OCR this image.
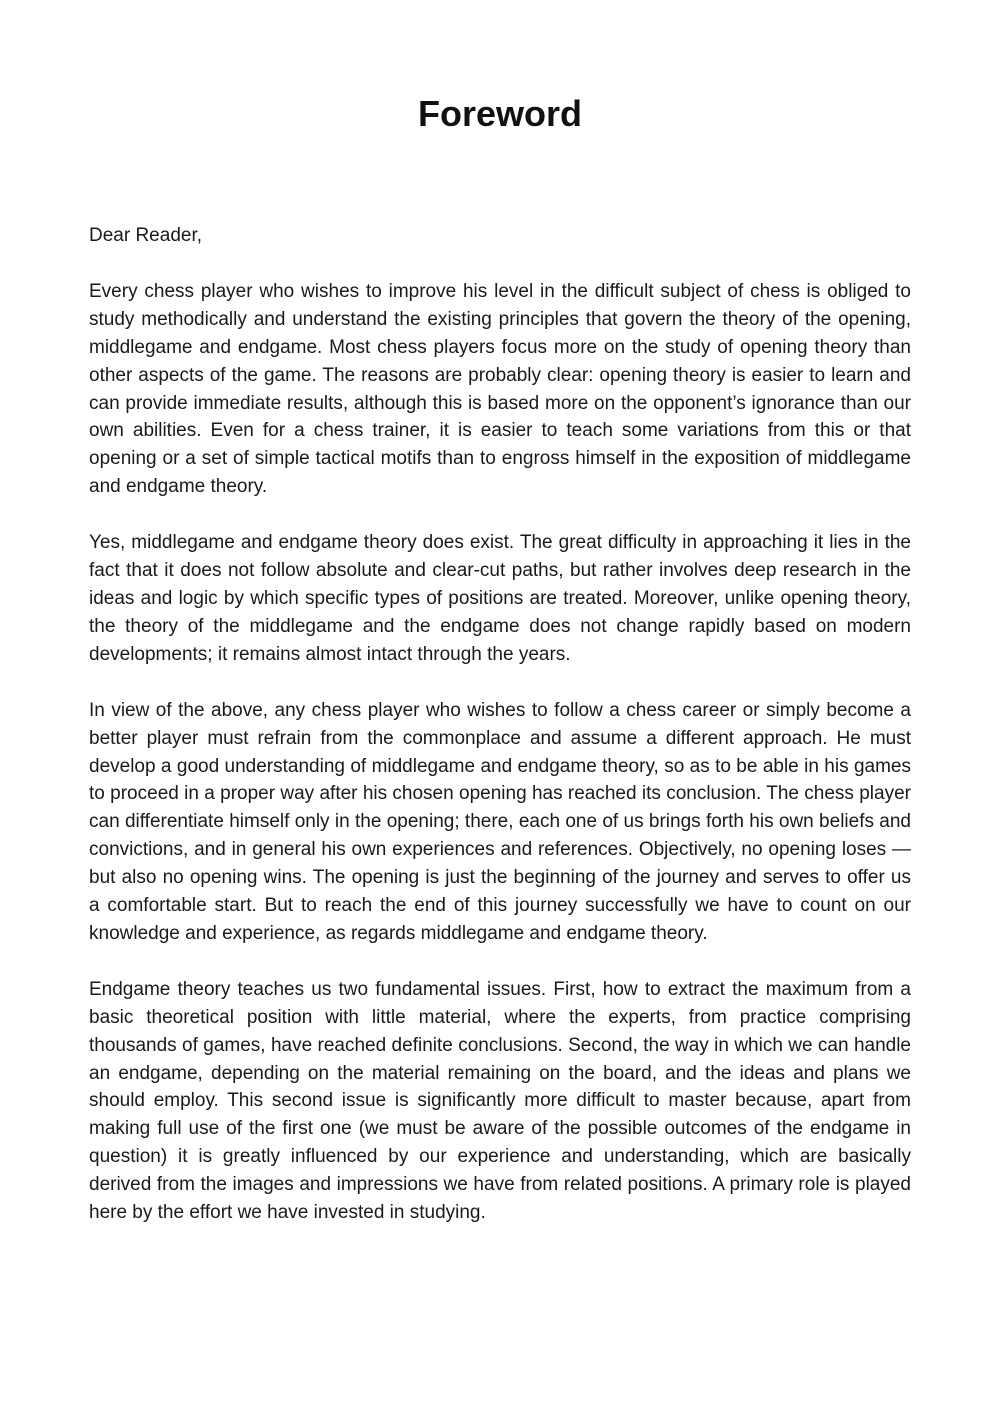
Foreword

Dear Reader,

Every chess player who wishes to improve his level in the difficult subject of chess is obliged to study methodically and understand the existing principles that govern the theory of the opening, middlegame and endgame. Most chess players focus more on the study of opening theory than other aspects of the game. The reasons are probably clear: opening theory is easier to learn and can provide immediate results, although this is based more on the opponent’s ignorance than our own abilities. Even for a chess trainer, it is easier to teach some variations from this or that opening or a set of simple tactical motifs than to engross himself in the exposition of middlegame and endgame theory.

Yes, middlegame and endgame theory does exist. The great difficulty in approaching it lies in the fact that it does not follow absolute and clear-cut paths, but rather involves deep research in the ideas and logic by which specific types of positions are treated. Moreover, unlike opening theory, the theory of the middlegame and the endgame does not change rapidly based on modern developments; it remains almost intact through the years.

In view of the above, any chess player who wishes to follow a chess career or simply become a better player must refrain from the commonplace and assume a different approach. He must develop a good understanding of middlegame and endgame theory, so as to be able in his games to proceed in a proper way after his chosen opening has reached its conclusion. The chess player can differentiate himself only in the opening; there, each one of us brings forth his own beliefs and convictions, and in general his own experiences and references. Objectively, no opening loses — but also no opening wins. The opening is just the beginning of the journey and serves to offer us a comfortable start. But to reach the end of this journey successfully we have to count on our knowledge and experience, as regards middlegame and endgame theory.

Endgame theory teaches us two fundamental issues. First, how to extract the maximum from a basic theoretical position with little material, where the experts, from practice comprising thousands of games, have reached definite conclusions. Second, the way in which we can handle an endgame, depending on the material remaining on the board, and the ideas and plans we should employ. This second issue is significantly more difficult to master because, apart from making full use of the first one (we must be aware of the possible outcomes of the endgame in question) it is greatly influenced by our experience and understanding, which are basically derived from the images and impressions we have from related positions. A primary role is played here by the effort we have invested in studying.
